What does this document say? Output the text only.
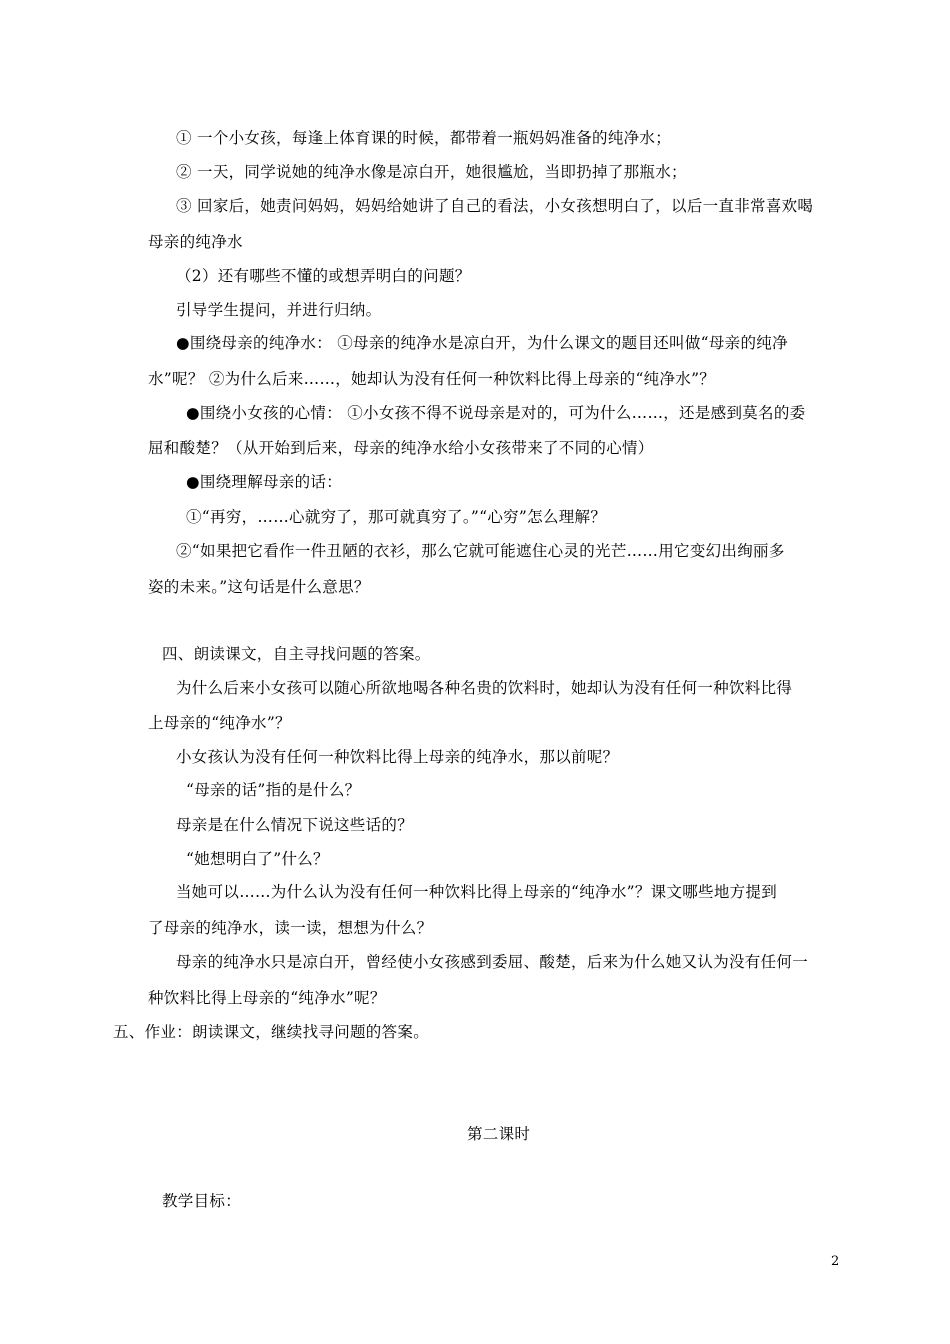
① 一个小女孩，每逢上体育课的时候，都带着一瓶妈妈准备的纯净水；
② 一天，同学说她的纯净水像是凉白开，她很尴尬，当即扔掉了那瓶水；
③ 回家后，她责问妈妈，妈妈给她讲了自己的看法，小女孩想明白了，以后一直非常喜欢喝
母亲的纯净水
（2）还有哪些不懂的或想弄明白的问题？
引导学生提问，并进行归纳。
●围绕母亲的纯净水： ①母亲的纯净水是凉白开，为什么课文的题目还叫做“母亲的纯净
水”呢？ ②为什么后来……，她却认为没有任何一种饮料比得上母亲的“纯净水”？
●围绕小女孩的心情： ①小女孩不得不说母亲是对的，可为什么……，还是感到莫名的委
屈和酸楚？（从开始到后来，母亲的纯净水给小女孩带来了不同的心情）
●围绕理解母亲的话：
①“再穷，……心就穷了，那可就真穷了。”“心穷”怎么理解？
②“如果把它看作一件丑陋的衣衫，那么它就可能遮住心灵的光芒……用它变幻出绚丽多
姿的未来。”这句话是什么意思？
四、朗读课文，自主寻找问题的答案。
为什么后来小女孩可以随心所欲地喝各种名贵的饮料时，她却认为没有任何一种饮料比得
上母亲的“纯净水”？
小女孩认为没有任何一种饮料比得上母亲的纯净水，那以前呢？
“母亲的话”指的是什么？
母亲是在什么情况下说这些话的？
“她想明白了”什么？
当她可以……为什么认为没有任何一种饮料比得上母亲的“纯净水”？课文哪些地方提到
了母亲的纯净水，读一读，想想为什么？
母亲的纯净水只是凉白开，曾经使小女孩感到委屈、酸楚，后来为什么她又认为没有任何一
种饮料比得上母亲的“纯净水”呢？
五、作业：朗读课文，继续找寻问题的答案。
第二课时
教学目标：
2
